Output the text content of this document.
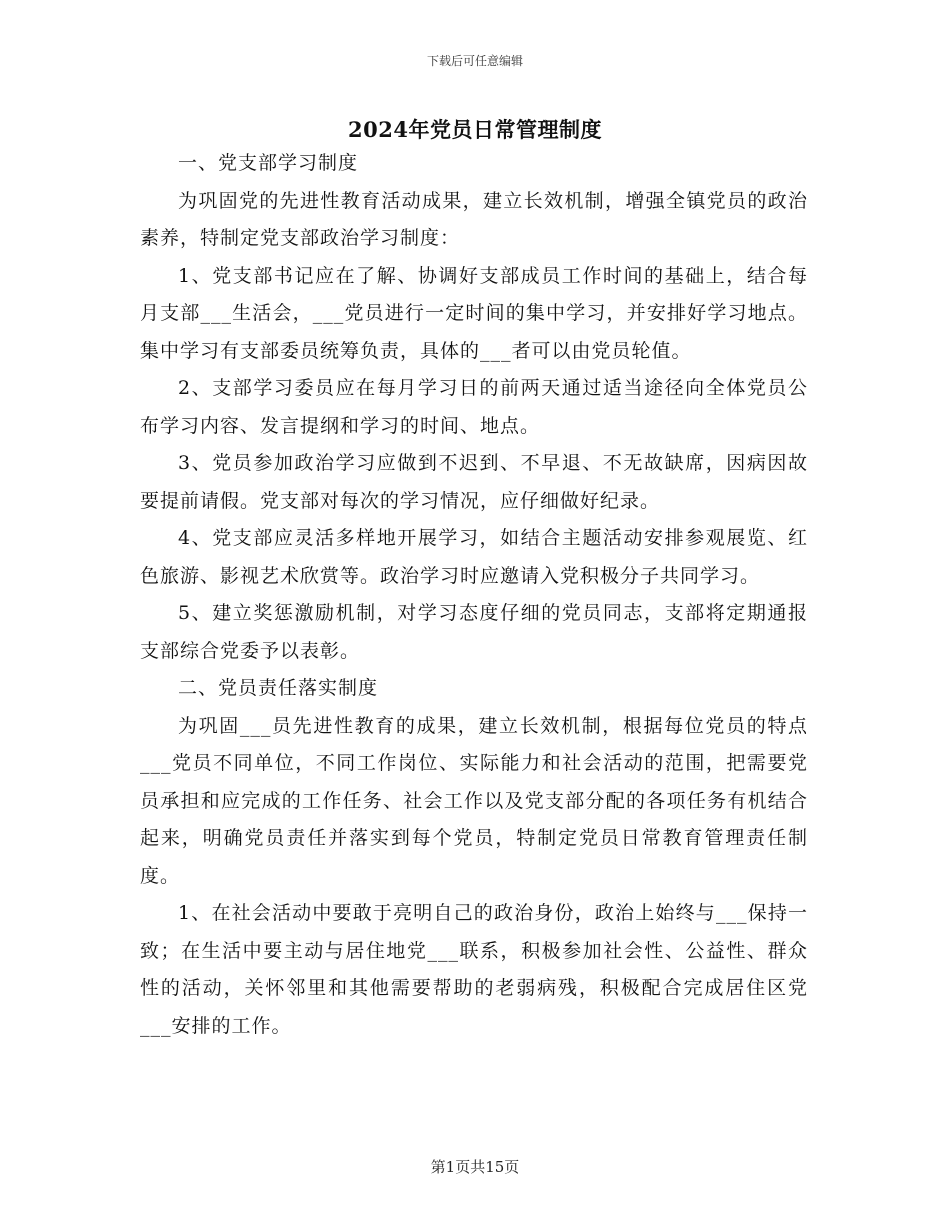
下载后可任意编辑
2024年党员日常管理制度

一、党支部学习制度

为巩固党的先进性教育活动成果，建立长效机制，增强全镇党员的政治素养，特制定党支部政治学习制度：

1、党支部书记应在了解、协调好支部成员工作时间的基础上，结合每月支部___生活会，___党员进行一定时间的集中学习，并安排好学习地点。集中学习有支部委员统筹负责，具体的___者可以由党员轮值。

2、支部学习委员应在每月学习日的前两天通过适当途径向全体党员公布学习内容、发言提纲和学习的时间、地点。

3、党员参加政治学习应做到不迟到、不早退、不无故缺席，因病因故要提前请假。党支部对每次的学习情况，应仔细做好纪录。

4、党支部应灵活多样地开展学习，如结合主题活动安排参观展览、红色旅游、影视艺术欣赏等。政治学习时应邀请入党积极分子共同学习。

5、建立奖惩激励机制，对学习态度仔细的党员同志，支部将定期通报支部综合党委予以表彰。

二、党员责任落实制度

为巩固___员先进性教育的成果，建立长效机制，根据每位党员的特点___党员不同单位，不同工作岗位、实际能力和社会活动的范围，把需要党员承担和应完成的工作任务、社会工作以及党支部分配的各项任务有机结合起来，明确党员责任并落实到每个党员，特制定党员日常教育管理责任制度。

1、在社会活动中要敢于亮明自己的政治身份，政治上始终与___保持一致；在生活中要主动与居住地党___联系，积极参加社会性、公益性、群众性的活动，关怀邻里和其他需要帮助的老弱病残，积极配合完成居住区党___安排的工作。

第1页共15页
